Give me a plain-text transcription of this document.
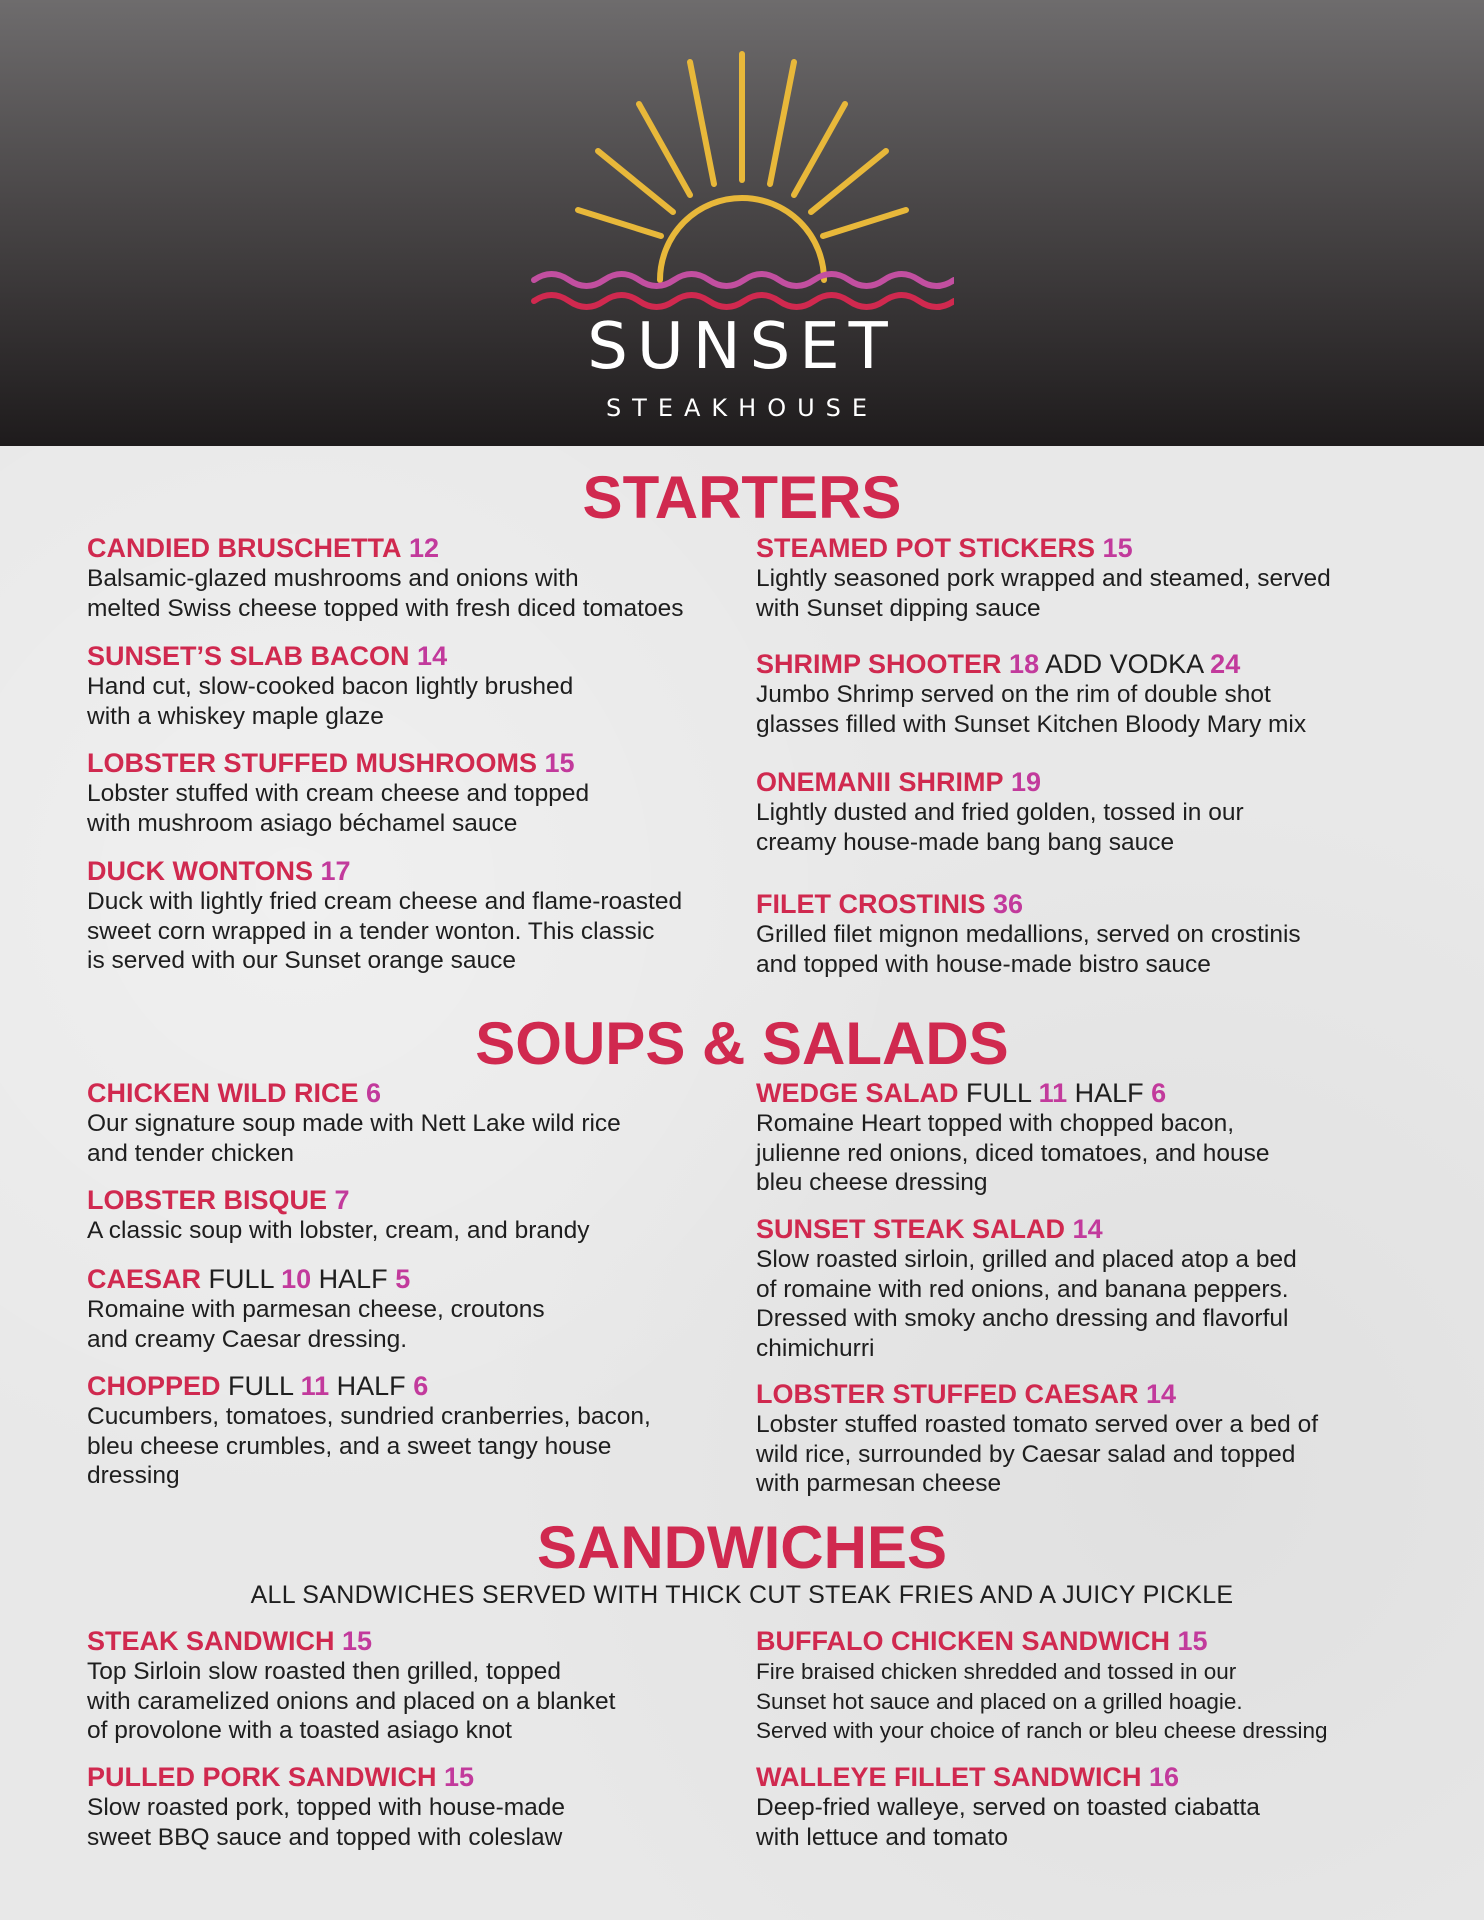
SUNSET
STEAKHOUSE
STARTERS
CANDIED BRUSCHETTA 12
Balsamic-glazed mushrooms and onions with
melted Swiss cheese topped with fresh diced tomatoes
SUNSET’S SLAB BACON 14
Hand cut, slow-cooked bacon lightly brushed
with a whiskey maple glaze
LOBSTER STUFFED MUSHROOMS 15
Lobster stuffed with cream cheese and topped
with mushroom asiago béchamel sauce
DUCK WONTONS 17
Duck with lightly fried cream cheese and flame-roasted
sweet corn wrapped in a tender wonton. This classic
is served with our Sunset orange sauce
STEAMED POT STICKERS 15
Lightly seasoned pork wrapped and steamed, served
with Sunset dipping sauce
SHRIMP SHOOTER 18 ADD VODKA 24
Jumbo Shrimp served on the rim of double shot
glasses filled with Sunset Kitchen Bloody Mary mix
ONEMANII SHRIMP 19
Lightly dusted and fried golden, tossed in our
creamy house-made bang bang sauce
FILET CROSTINIS 36
Grilled filet mignon medallions, served on crostinis
and topped with house-made bistro sauce
SOUPS & SALADS
CHICKEN WILD RICE 6
Our signature soup made with Nett Lake wild rice
and tender chicken
LOBSTER BISQUE 7
A classic soup with lobster, cream, and brandy
CAESAR FULL 10 HALF 5
Romaine with parmesan cheese, croutons
and creamy Caesar dressing.
CHOPPED FULL 11 HALF 6
Cucumbers, tomatoes, sundried cranberries, bacon,
bleu cheese crumbles, and a sweet tangy house
dressing
WEDGE SALAD FULL 11 HALF 6
Romaine Heart topped with chopped bacon,
julienne red onions, diced tomatoes, and house
bleu cheese dressing
SUNSET STEAK SALAD 14
Slow roasted sirloin, grilled and placed atop a bed
of romaine with red onions, and banana peppers.
Dressed with smoky ancho dressing and flavorful
chimichurri
LOBSTER STUFFED CAESAR 14
Lobster stuffed roasted tomato served over a bed of
wild rice, surrounded by Caesar salad and topped
with parmesan cheese
SANDWICHES
ALL SANDWICHES SERVED WITH THICK CUT STEAK FRIES AND A JUICY PICKLE
STEAK SANDWICH 15
Top Sirloin slow roasted then grilled, topped
with caramelized onions and placed on a blanket
of provolone with a toasted asiago knot
PULLED PORK SANDWICH 15
Slow roasted pork, topped with house-made
sweet BBQ sauce and topped with coleslaw
BUFFALO CHICKEN SANDWICH 15
Fire braised chicken shredded and tossed in our
Sunset hot sauce and placed on a grilled hoagie.
Served with your choice of ranch or bleu cheese dressing
WALLEYE FILLET SANDWICH 16
Deep-fried walleye, served on toasted ciabatta
with lettuce and tomato
